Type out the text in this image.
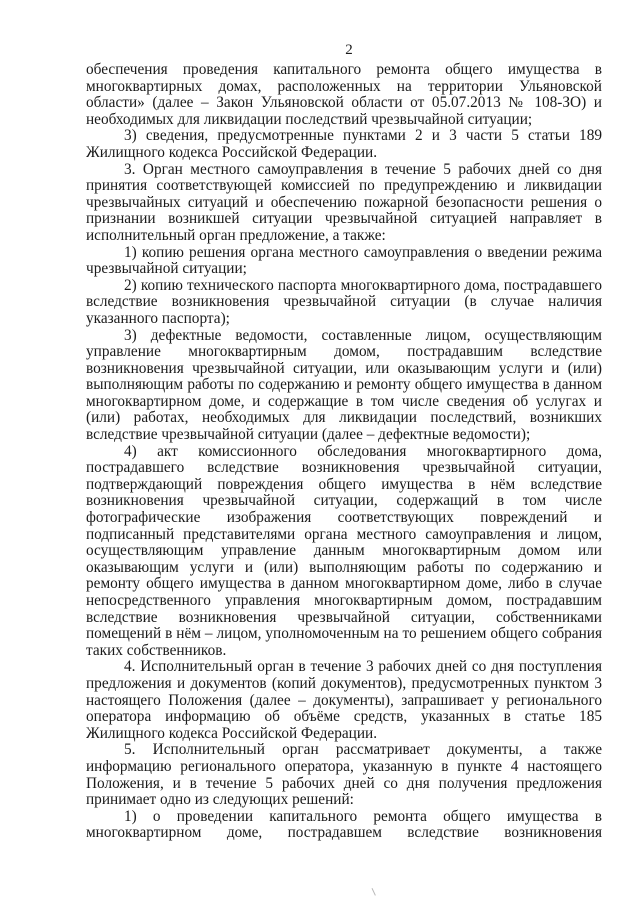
2

обеспечения проведения капитального ремонта общего имущества в многоквартирных домах, расположенных на территории Ульяновской области» (далее – Закон Ульяновской области от 05.07.2013 № 108-ЗО) и необходимых для ликвидации последствий чрезвычайной ситуации;

3) сведения, предусмотренные пунктами 2 и 3 части 5 статьи 189 Жилищного кодекса Российской Федерации.

3. Орган местного самоуправления в течение 5 рабочих дней со дня принятия соответствующей комиссией по предупреждению и ликвидации чрезвычайных ситуаций и обеспечению пожарной безопасности решения о признании возникшей ситуации чрезвычайной ситуацией направляет в исполнительный орган предложение, а также:

1) копию решения органа местного самоуправления о введении режима чрезвычайной ситуации;

2) копию технического паспорта многоквартирного дома, пострадавшего вследствие возникновения чрезвычайной ситуации (в случае наличия указанного паспорта);

3) дефектные ведомости, составленные лицом, осуществляющим управление многоквартирным домом, пострадавшим вследствие возникновения чрезвычайной ситуации, или оказывающим услуги и (или) выполняющим работы по содержанию и ремонту общего имущества в данном многоквартирном доме, и содержащие в том числе сведения об услугах и (или) работах, необходимых для ликвидации последствий, возникших вследствие чрезвычайной ситуации (далее – дефектные ведомости);

4) акт комиссионного обследования многоквартирного дома, пострадавшего вследствие возникновения чрезвычайной ситуации, подтверждающий повреждения общего имущества в нём вследствие возникновения чрезвычайной ситуации, содержащий в том числе фотографические изображения соответствующих повреждений и подписанный представителями органа местного самоуправления и лицом, осуществляющим управление данным многоквартирным домом или оказывающим услуги и (или) выполняющим работы по содержанию и ремонту общего имущества в данном многоквартирном доме, либо в случае непосредственного управления многоквартирным домом, пострадавшим вследствие возникновения чрезвычайной ситуации, собственниками помещений в нём – лицом, уполномоченным на то решением общего собрания таких собственников.

4. Исполнительный орган в течение 3 рабочих дней со дня поступления предложения и документов (копий документов), предусмотренных пунктом 3 настоящего Положения (далее – документы), запрашивает у регионального оператора информацию об объёме средств, указанных в статье 185 Жилищного кодекса Российской Федерации.

5. Исполнительный орган рассматривает документы, а также информацию регионального оператора, указанную в пункте 4 настоящего Положения, и в течение 5 рабочих дней со дня получения предложения принимает одно из следующих решений:

1) о проведении капитального ремонта общего имущества в многоквартирном доме, пострадавшем вследствие возникновения
